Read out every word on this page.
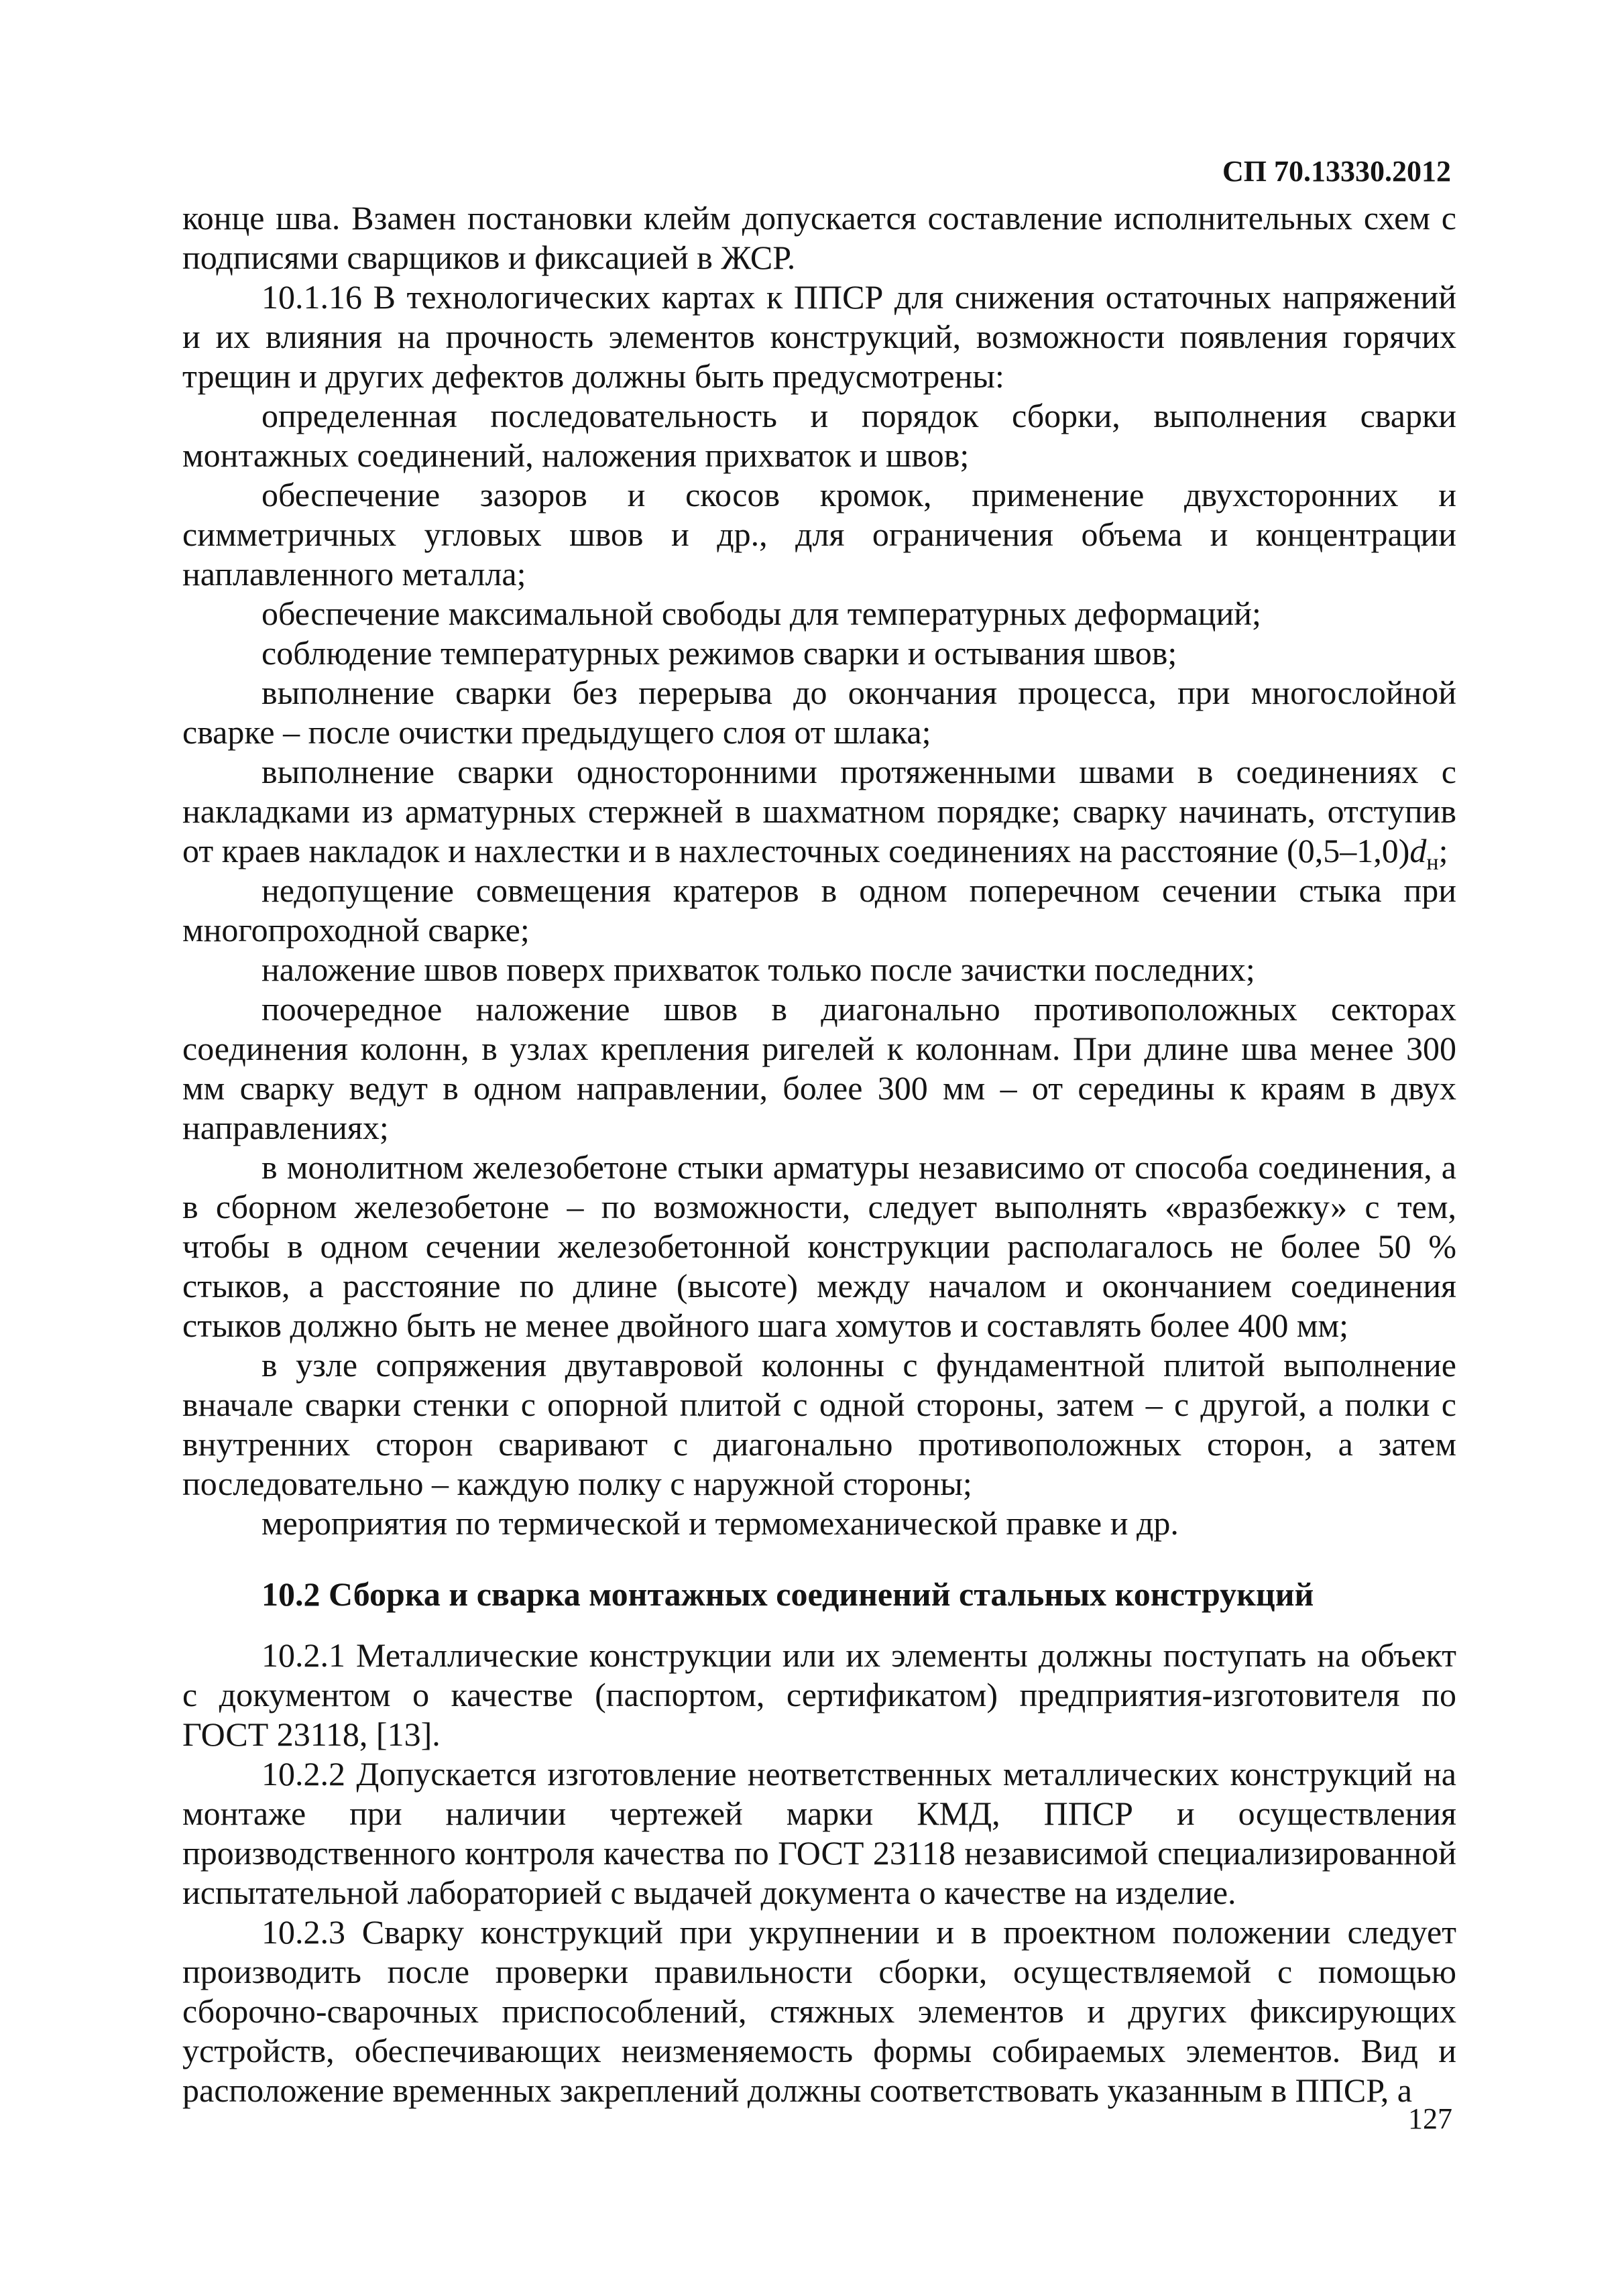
СП 70.13330.2012

конце шва. Взамен постановки клейм допускается составление исполнительных схем с подписями сварщиков и фиксацией в ЖСР.

10.1.16 В технологических картах к ППСР для снижения остаточных напряжений и их влияния на прочность элементов конструкций, возможности появления горячих трещин и других дефектов должны быть предусмотрены:

определенная последовательность и порядок сборки, выполнения сварки монтажных соединений, наложения прихваток и швов;

обеспечение зазоров и скосов кромок, применение двухсторонних и симметричных угловых швов и др., для ограничения объема и концентрации наплавленного металла;

обеспечение максимальной свободы для температурных деформаций;

соблюдение температурных режимов сварки и остывания швов;

выполнение сварки без перерыва до окончания процесса, при многослойной сварке – после очистки предыдущего слоя от шлака;

выполнение сварки односторонними протяженными швами в соединениях с накладками из арматурных стержней в шахматном порядке; сварку начинать, отступив от краев накладок и нахлестки и в нахлесточных соединениях на расстояние $(0,5-1,0)d_н$;

недопущение совмещения кратеров в одном поперечном сечении стыка при многопроходной сварке;

наложение швов поверх прихваток только после зачистки последних;

поочередное наложение швов в диагонально противоположных секторах соединения колонн, в узлах крепления ригелей к колоннам. При длине шва менее 300 мм сварку ведут в одном направлении, более 300 мм – от середины к краям в двух направлениях;

в монолитном железобетоне стыки арматуры независимо от способа соединения, а в сборном железобетоне – по возможности, следует выполнять «вразбежку» с тем, чтобы в одном сечении железобетонной конструкции располагалось не более 50 % стыков, а расстояние по длине (высоте) между началом и окончанием соединения стыков должно быть не менее двойного шага хомутов и составлять более 400 мм;

в узле сопряжения двутавровой колонны с фундаментной плитой выполнение вначале сварки стенки с опорной плитой с одной стороны, затем – с другой, а полки с внутренних сторон сваривают с диагонально противоположных сторон, а затем последовательно – каждую полку с наружной стороны;

мероприятия по термической и термомеханической правке и др.

10.2 Сборка и сварка монтажных соединений стальных конструкций

10.2.1 Металлические конструкции или их элементы должны поступать на объект с документом о качестве (паспортом, сертификатом) предприятия-изготовителя по ГОСТ 23118, [13].

10.2.2 Допускается изготовление неответственных металлических конструкций на монтаже при наличии чертежей марки КМД, ППСР и осуществления производственного контроля качества по ГОСТ 23118 независимой специализированной испытательной лабораторией с выдачей документа о качестве на изделие.

10.2.3 Сварку конструкций при укрупнении и в проектном положении следует производить после проверки правильности сборки, осуществляемой с помощью сборочно-сварочных приспособлений, стяжных элементов и других фиксирующих устройств, обеспечивающих неизменяемость формы собираемых элементов. Вид и расположение временных закреплений должны соответствовать указанным в ППСР, а

127
